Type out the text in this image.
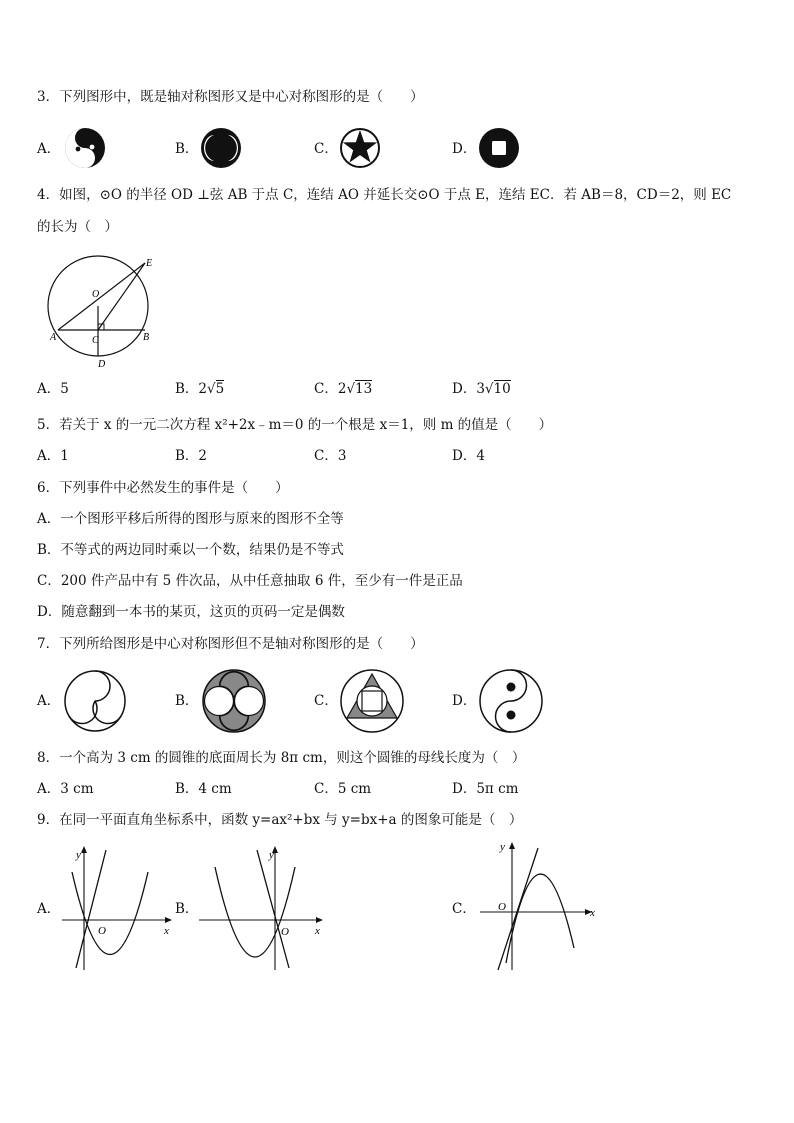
3．下列图形中，既是轴对称图形又是中心对称图形的是（　　）
A．	B．	C．	D．
4．如图，⊙O 的半径 OD ⊥弦 AB 于点 C，连结 AO 并延长交⊙O 于点 E，连结 EC．若 AB＝8，CD＝2，则 EC
的长为（　）
E
O
A	C	B
D
A．5	B．2√5	C．2√13	D．3√10
5．若关于 x 的一元二次方程 x²+2x﹣m＝0 的一个根是 x＝1，则 m 的值是（　　）
A．1	B．2	C．3	D．4
6．下列事件中必然发生的事件是（　　）
A．一个图形平移后所得的图形与原来的图形不全等
B．不等式的两边同时乘以一个数，结果仍是不等式
C．200 件产品中有 5 件次品，从中任意抽取 6 件，至少有一件是正品
D．随意翻到一本书的某页，这页的页码一定是偶数
7．下列所给图形是中心对称图形但不是轴对称图形的是（　　）
A．	B．	C．	D．
8．一个高为 3 cm 的圆锥的底面周长为 8π cm，则这个圆锥的母线长度为（　）
A．3 cm	B．4 cm	C．5 cm	D．5π cm
9．在同一平面直角坐标系中，函数 y=ax²+bx 与 y=bx+a 的图象可能是（　）
A．
y
x
O
B．
y
x
O
C．
y
x
O
